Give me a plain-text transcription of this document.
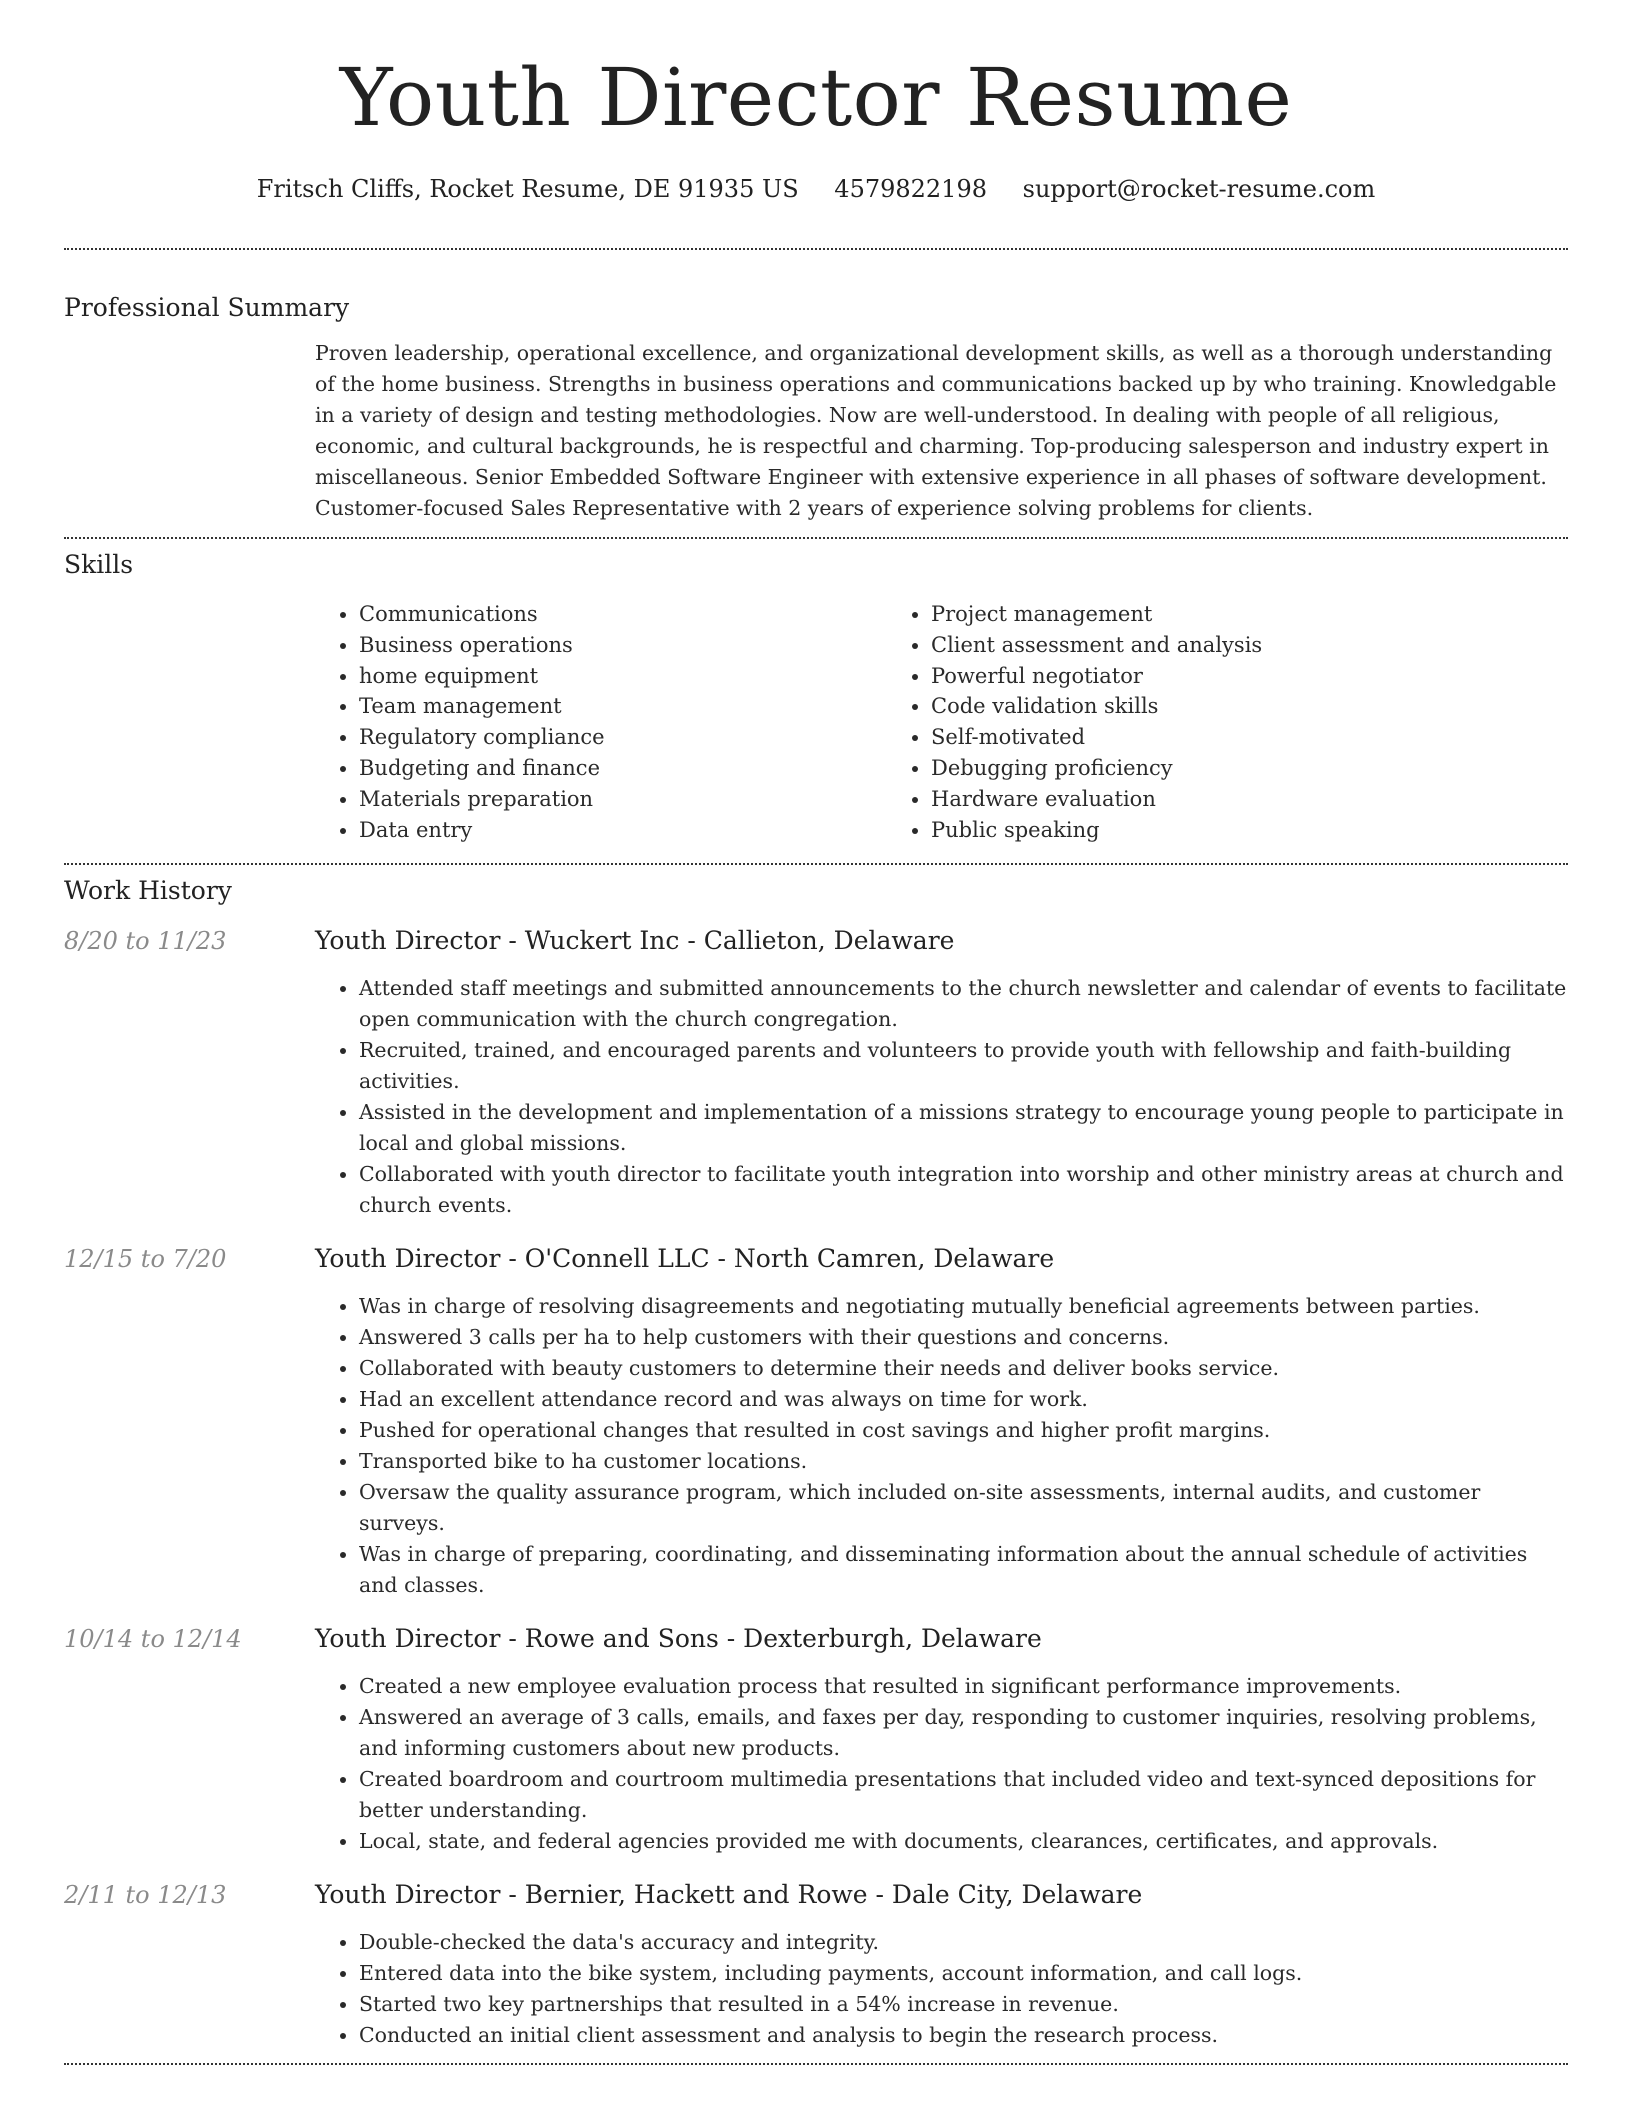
Youth Director Resume
Fritsch Cliffs, Rocket Resume, DE 91935 US 4579822198 support@rocket-resume.com
Professional Summary
Proven leadership, operational excellence, and organizational development skills, as well as a thorough understanding of the home business. Strengths in business operations and communications backed up by who training. Knowledgable in a variety of design and testing methodologies. Now are well-understood. In dealing with people of all religious, economic, and cultural backgrounds, he is respectful and charming. Top-producing salesperson and industry expert in miscellaneous. Senior Embedded Software Engineer with extensive experience in all phases of software development. Customer-focused Sales Representative with 2 years of experience solving problems for clients.
Skills
• Communications
• Business operations
• home equipment
• Team management
• Regulatory compliance
• Budgeting and finance
• Materials preparation
• Data entry
• Project management
• Client assessment and analysis
• Powerful negotiator
• Code validation skills
• Self-motivated
• Debugging proficiency
• Hardware evaluation
• Public speaking
Work History
8/20 to 11/23	Youth Director - Wuckert Inc - Callieton, Delaware
• Attended staff meetings and submitted announcements to the church newsletter and calendar of events to facilitate open communication with the church congregation.
• Recruited, trained, and encouraged parents and volunteers to provide youth with fellowship and faith-building activities.
• Assisted in the development and implementation of a missions strategy to encourage young people to participate in local and global missions.
• Collaborated with youth director to facilitate youth integration into worship and other ministry areas at church and church events.
12/15 to 7/20	Youth Director - O'Connell LLC - North Camren, Delaware
• Was in charge of resolving disagreements and negotiating mutually beneficial agreements between parties.
• Answered 3 calls per ha to help customers with their questions and concerns.
• Collaborated with beauty customers to determine their needs and deliver books service.
• Had an excellent attendance record and was always on time for work.
• Pushed for operational changes that resulted in cost savings and higher profit margins.
• Transported bike to ha customer locations.
• Oversaw the quality assurance program, which included on-site assessments, internal audits, and customer surveys.
• Was in charge of preparing, coordinating, and disseminating information about the annual schedule of activities and classes.
10/14 to 12/14	Youth Director - Rowe and Sons - Dexterburgh, Delaware
• Created a new employee evaluation process that resulted in significant performance improvements.
• Answered an average of 3 calls, emails, and faxes per day, responding to customer inquiries, resolving problems, and informing customers about new products.
• Created boardroom and courtroom multimedia presentations that included video and text-synced depositions for better understanding.
• Local, state, and federal agencies provided me with documents, clearances, certificates, and approvals.
2/11 to 12/13	Youth Director - Bernier, Hackett and Rowe - Dale City, Delaware
• Double-checked the data's accuracy and integrity.
• Entered data into the bike system, including payments, account information, and call logs.
• Started two key partnerships that resulted in a 54% increase in revenue.
• Conducted an initial client assessment and analysis to begin the research process.
